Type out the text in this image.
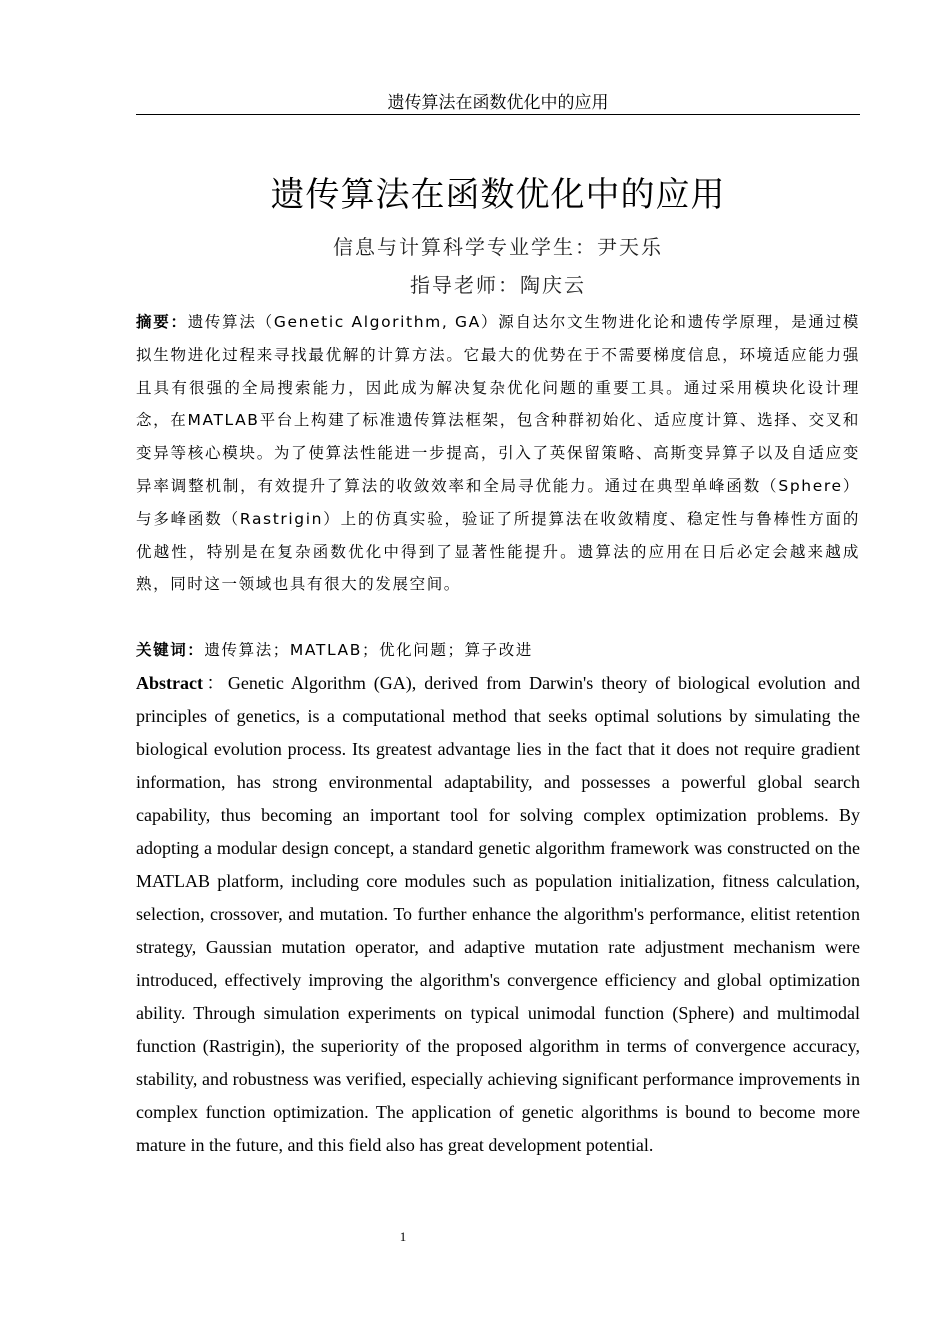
遗传算法在函数优化中的应用
遗传算法在函数优化中的应用
信息与计算科学专业学生：尹天乐
指导老师：陶庆云

摘要：遗传算法（Genetic Algorithm, GA）源自达尔文生物进化论和遗传学原理，是通过模拟生物进化过程来寻找最优解的计算方法。它最大的优势在于不需要梯度信息，环境适应能力强且具有很强的全局搜索能力，因此成为解决复杂优化问题的重要工具。通过采用模块化设计理念，在MATLAB平台上构建了标准遗传算法框架，包含种群初始化、适应度计算、选择、交叉和变异等核心模块。为了使算法性能进一步提高，引入了英保留策略、高斯变异算子以及自适应变异率调整机制，有效提升了算法的收敛效率和全局寻优能力。通过在典型单峰函数（Sphere）与多峰函数（Rastrigin）上的仿真实验，验证了所提算法在收敛精度、稳定性与鲁棒性方面的优越性，特别是在复杂函数优化中得到了显著性能提升。遗算法的应用在日后必定会越来越成熟，同时这一领域也具有很大的发展空间。

关键词：遗传算法；MATLAB；优化问题；算子改进

Abstract：Genetic Algorithm (GA), derived from Darwin's theory of biological evolution and principles of genetics, is a computational method that seeks optimal solutions by simulating the biological evolution process. Its greatest advantage lies in the fact that it does not require gradient information, has strong environmental adaptability, and possesses a powerful global search capability, thus becoming an important tool for solving complex optimization problems. By adopting a modular design concept, a standard genetic algorithm framework was constructed on the MATLAB platform, including core modules such as population initialization, fitness calculation, selection, crossover, and mutation. To further enhance the algorithm's performance, elitist retention strategy, Gaussian mutation operator, and adaptive mutation rate adjustment mechanism were introduced, effectively improving the algorithm's convergence efficiency and global optimization ability. Through simulation experiments on typical unimodal function (Sphere) and multimodal function (Rastrigin), the superiority of the proposed algorithm in terms of convergence accuracy, stability, and robustness was verified, especially achieving significant performance improvements in complex function optimization. The application of genetic algorithms is bound to become more mature in the future, and this field also has great development potential.

1
